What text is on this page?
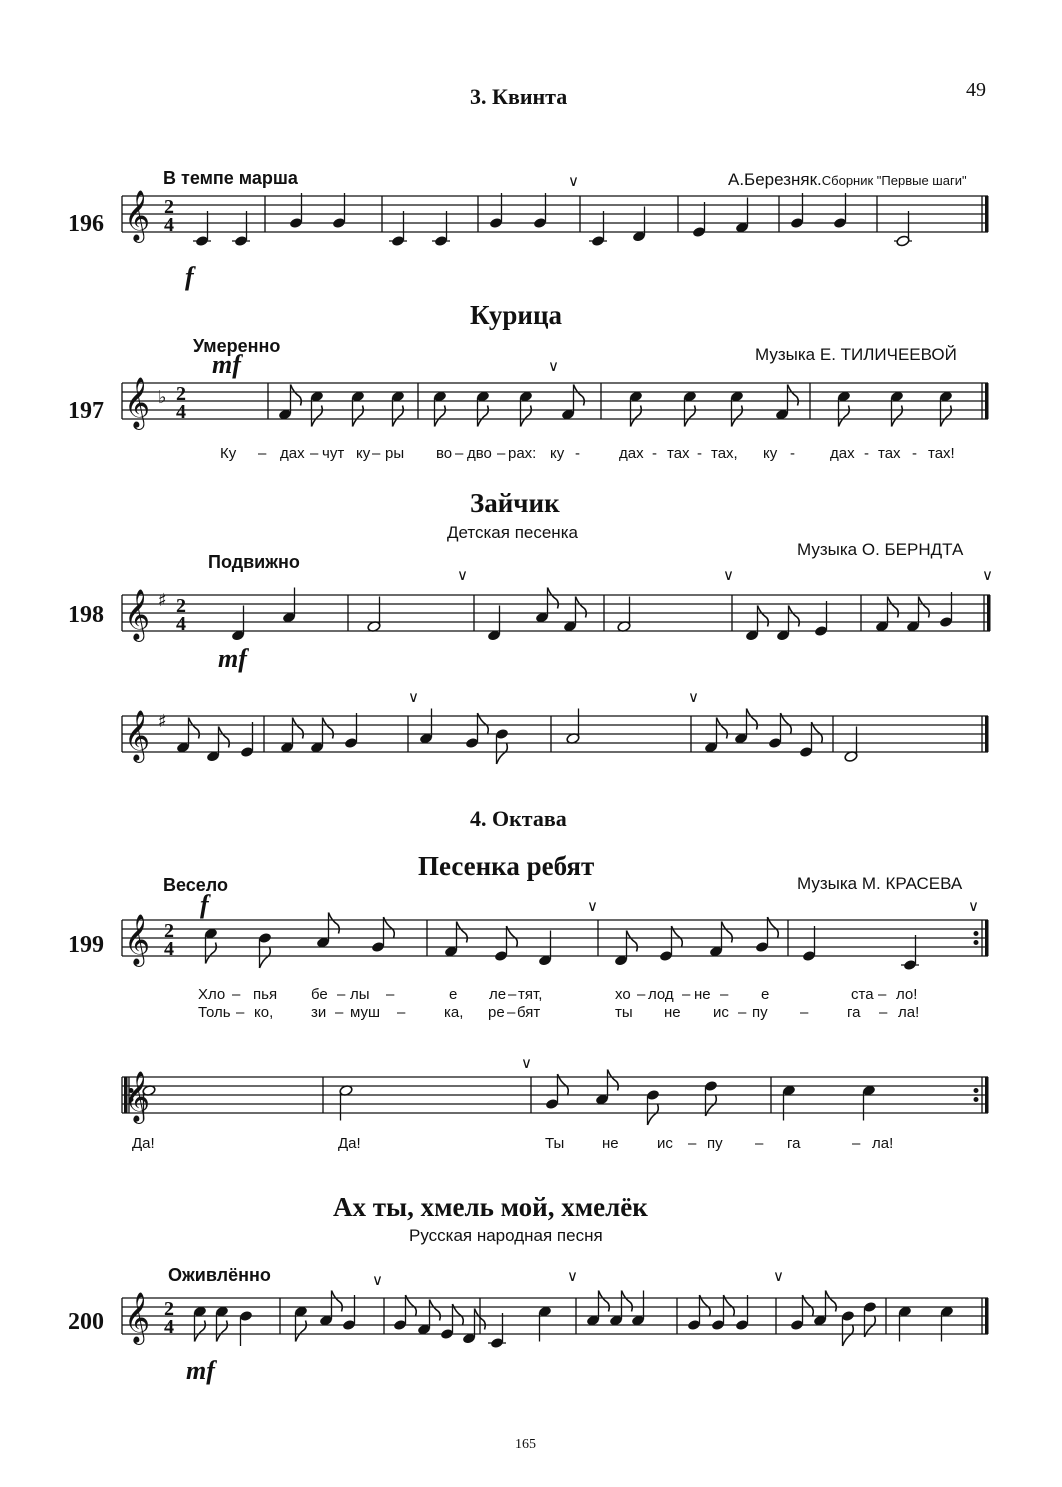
3. Квинта	49
В темпе марша	А.Березняк.Сборник "Первые шаги"
196
f
∨
Курица
Умеренно	Музыка Е. ТИЛИЧЕЕВОЙ
mf
197
∨
Ку – дах – чут ку – ры во – дво – рах: ку -	дах - тах - тах, ку - дах - тах - тах!
Зайчик
Детская песенка
Подвижно
Музыка О. БЕРНДТА
198
mf
∨	∨	∨
∨	∨
4. Октава
Песенка ребят
Весело	Музыка М. КРАСЕВА
f
199
∨	∨
∨
Хло – пья бе – лы –	е ле – тят,	хо – лод – не – е	ста – ло!
Толь – ко,	зи – муш –	ка, ре – бят	ты не ис – пу –	га – ла!
Да!	Да!	Ты	не	ис – пу – га	– ла!
Ах ты, хмель мой, хмелёк
Русская народная песня
Оживлённо
200
mf
∨	∨	∨
165
𝄞 2
4
𝄞 ♭ 2
4
𝄞 ♯ 2
4
𝄞 ♯
𝄞 2
4
𝄞
𝄞 2
4
